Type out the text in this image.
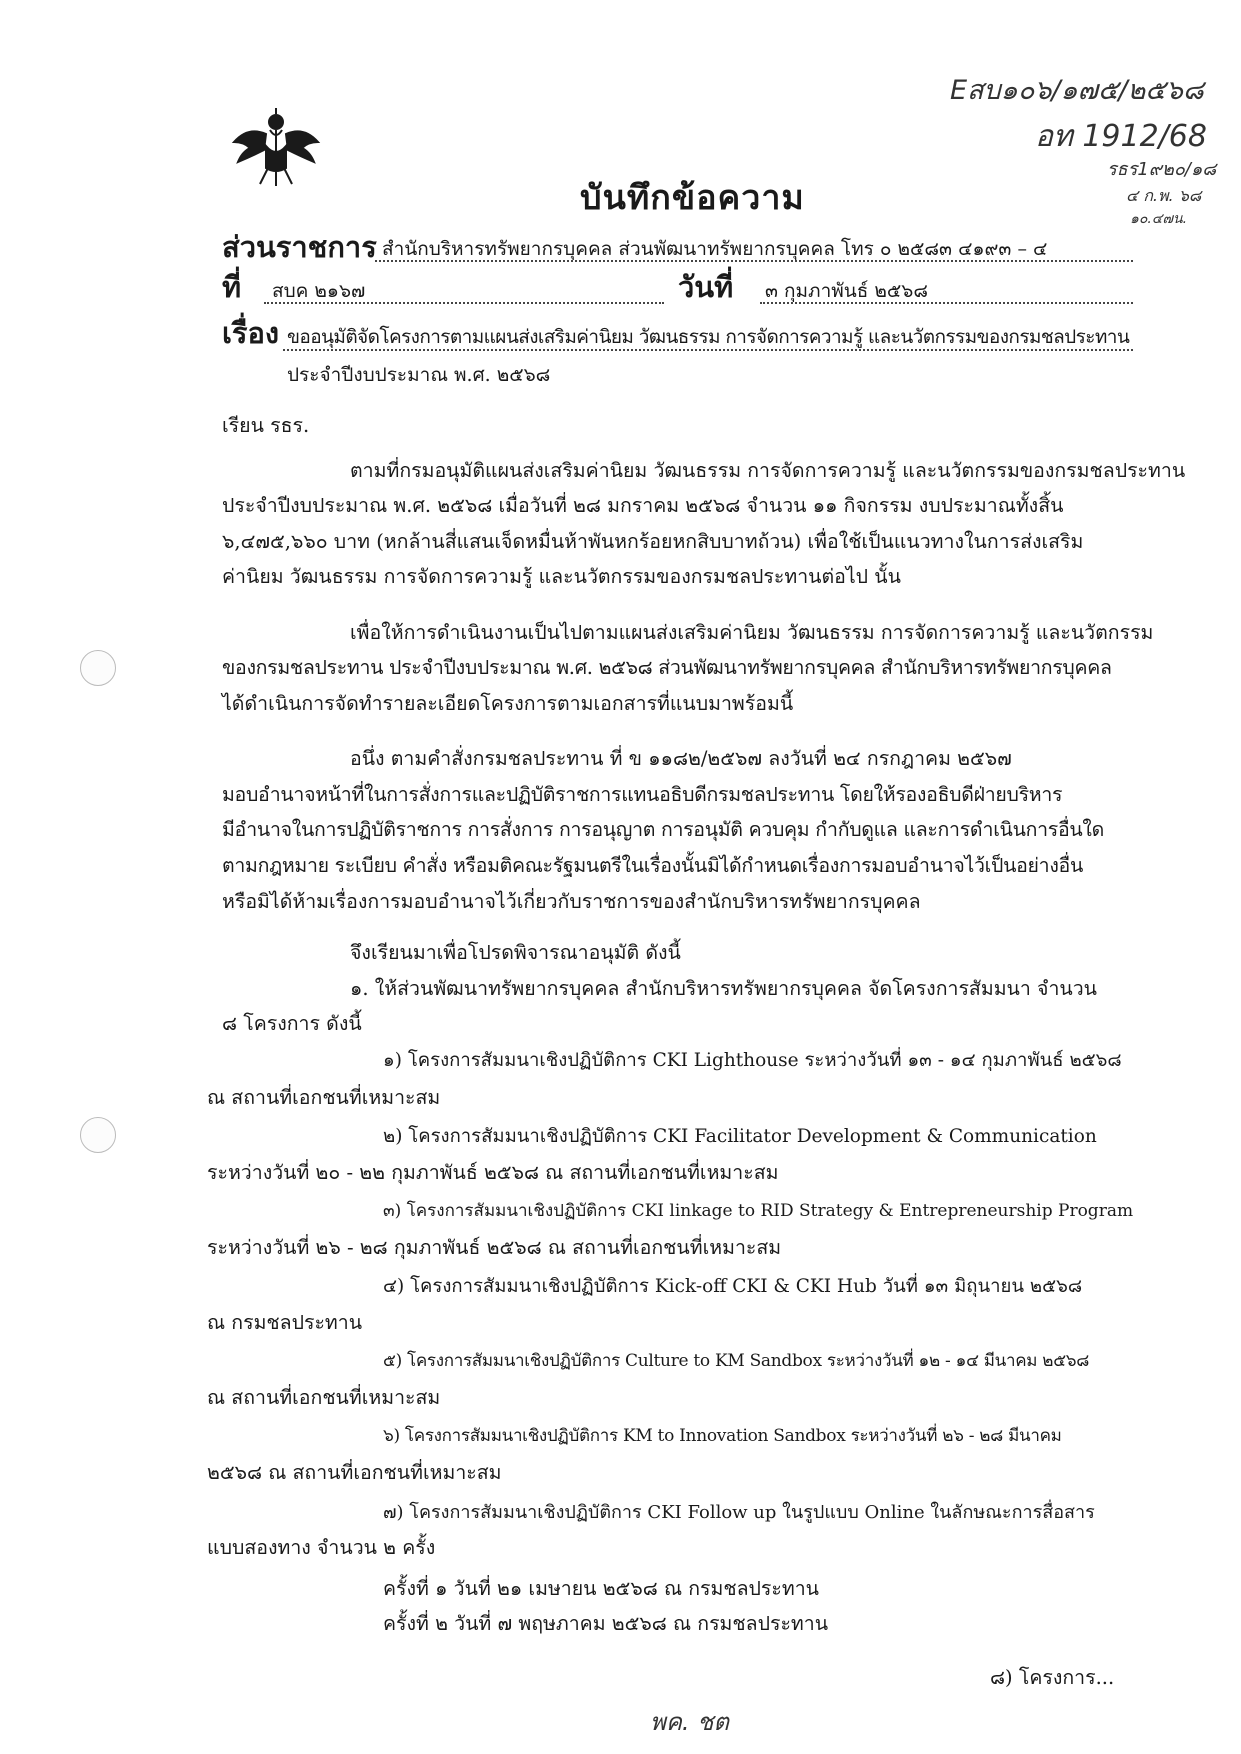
Eสบ๑๐๖/๑๗๕/๒๕๖๘
อท 1912/68
รธร1๙๒๐/๑๘
๔ ก.พ. ๖๘
๑๐.๔๗น.
บันทึกข้อความ
ส่วนราชการ สำนักบริหารทรัพยากรบุคคล ส่วนพัฒนาทรัพยากรบุคคล โทร ๐ ๒๕๘๓ ๔๑๙๓ – ๔
ที่ สบค ๒๑๖๗	วันที่ ๓ กุมภาพันธ์ ๒๕๖๘
เรื่อง ขออนุมัติจัดโครงการตามแผนส่งเสริมค่านิยม วัฒนธรรม การจัดการความรู้ และนวัตกรรมของกรมชลประทาน
ประจำปีงบประมาณ พ.ศ. ๒๕๖๘
เรียน รธร.
ตามที่กรมอนุมัติแผนส่งเสริมค่านิยม วัฒนธรรม การจัดการความรู้ และนวัตกรรมของกรมชลประทาน
ประจำปีงบประมาณ พ.ศ. ๒๕๖๘ เมื่อวันที่ ๒๘ มกราคม ๒๕๖๘ จำนวน ๑๑ กิจกรรม งบประมาณทั้งสิ้น
๖,๔๗๕,๖๖๐ บาท (หกล้านสี่แสนเจ็ดหมื่นห้าพันหกร้อยหกสิบบาทถ้วน) เพื่อใช้เป็นแนวทางในการส่งเสริม
ค่านิยม วัฒนธรรม การจัดการความรู้ และนวัตกรรมของกรมชลประทานต่อไป นั้น
เพื่อให้การดำเนินงานเป็นไปตามแผนส่งเสริมค่านิยม วัฒนธรรม การจัดการความรู้ และนวัตกรรม
ของกรมชลประทาน ประจำปีงบประมาณ พ.ศ. ๒๕๖๘ ส่วนพัฒนาทรัพยากรบุคคล สำนักบริหารทรัพยากรบุคคล
ได้ดำเนินการจัดทำรายละเอียดโครงการตามเอกสารที่แนบมาพร้อมนี้
อนึ่ง ตามคำสั่งกรมชลประทาน ที่ ข ๑๑๘๒/๒๕๖๗ ลงวันที่ ๒๔ กรกฎาคม ๒๕๖๗
มอบอำนาจหน้าที่ในการสั่งการและปฏิบัติราชการแทนอธิบดีกรมชลประทาน โดยให้รองอธิบดีฝ่ายบริหาร
มีอำนาจในการปฏิบัติราชการ การสั่งการ การอนุญาต การอนุมัติ ควบคุม กำกับดูแล และการดำเนินการอื่นใด
ตามกฎหมาย ระเบียบ คำสั่ง หรือมติคณะรัฐมนตรีในเรื่องนั้นมิได้กำหนดเรื่องการมอบอำนาจไว้เป็นอย่างอื่น
หรือมิได้ห้ามเรื่องการมอบอำนาจไว้เกี่ยวกับราชการของสำนักบริหารทรัพยากรบุคคล
จึงเรียนมาเพื่อโปรดพิจารณาอนุมัติ ดังนี้
๑. ให้ส่วนพัฒนาทรัพยากรบุคคล สำนักบริหารทรัพยากรบุคคล จัดโครงการสัมมนา จำนวน
๘ โครงการ ดังนี้
๑) โครงการสัมมนาเชิงปฏิบัติการ CKI Lighthouse ระหว่างวันที่ ๑๓ - ๑๔ กุมภาพันธ์ ๒๕๖๘
ณ สถานที่เอกชนที่เหมาะสม
๒) โครงการสัมมนาเชิงปฏิบัติการ CKI Facilitator Development & Communication
ระหว่างวันที่ ๒๐ - ๒๒ กุมภาพันธ์ ๒๕๖๘ ณ สถานที่เอกชนที่เหมาะสม
๓) โครงการสัมมนาเชิงปฏิบัติการ CKI linkage to RID Strategy & Entrepreneurship Program
ระหว่างวันที่ ๒๖ - ๒๘ กุมภาพันธ์ ๒๕๖๘ ณ สถานที่เอกชนที่เหมาะสม
๔) โครงการสัมมนาเชิงปฏิบัติการ Kick-off CKI & CKI Hub วันที่ ๑๓ มิถุนายน ๒๕๖๘
ณ กรมชลประทาน
๕) โครงการสัมมนาเชิงปฏิบัติการ Culture to KM Sandbox ระหว่างวันที่ ๑๒ - ๑๔ มีนาคม ๒๕๖๘
ณ สถานที่เอกชนที่เหมาะสม
๖) โครงการสัมมนาเชิงปฏิบัติการ KM to Innovation Sandbox ระหว่างวันที่ ๒๖ - ๒๘ มีนาคม
๒๕๖๘ ณ สถานที่เอกชนที่เหมาะสม
๗) โครงการสัมมนาเชิงปฏิบัติการ CKI Follow up ในรูปแบบ Online ในลักษณะการสื่อสาร
แบบสองทาง จำนวน ๒ ครั้ง
ครั้งที่ ๑ วันที่ ๒๑ เมษายน ๒๕๖๘ ณ กรมชลประทาน
ครั้งที่ ๒ วันที่ ๗ พฤษภาคม ๒๕๖๘ ณ กรมชลประทาน
๘) โครงการ...
พค. ชต
